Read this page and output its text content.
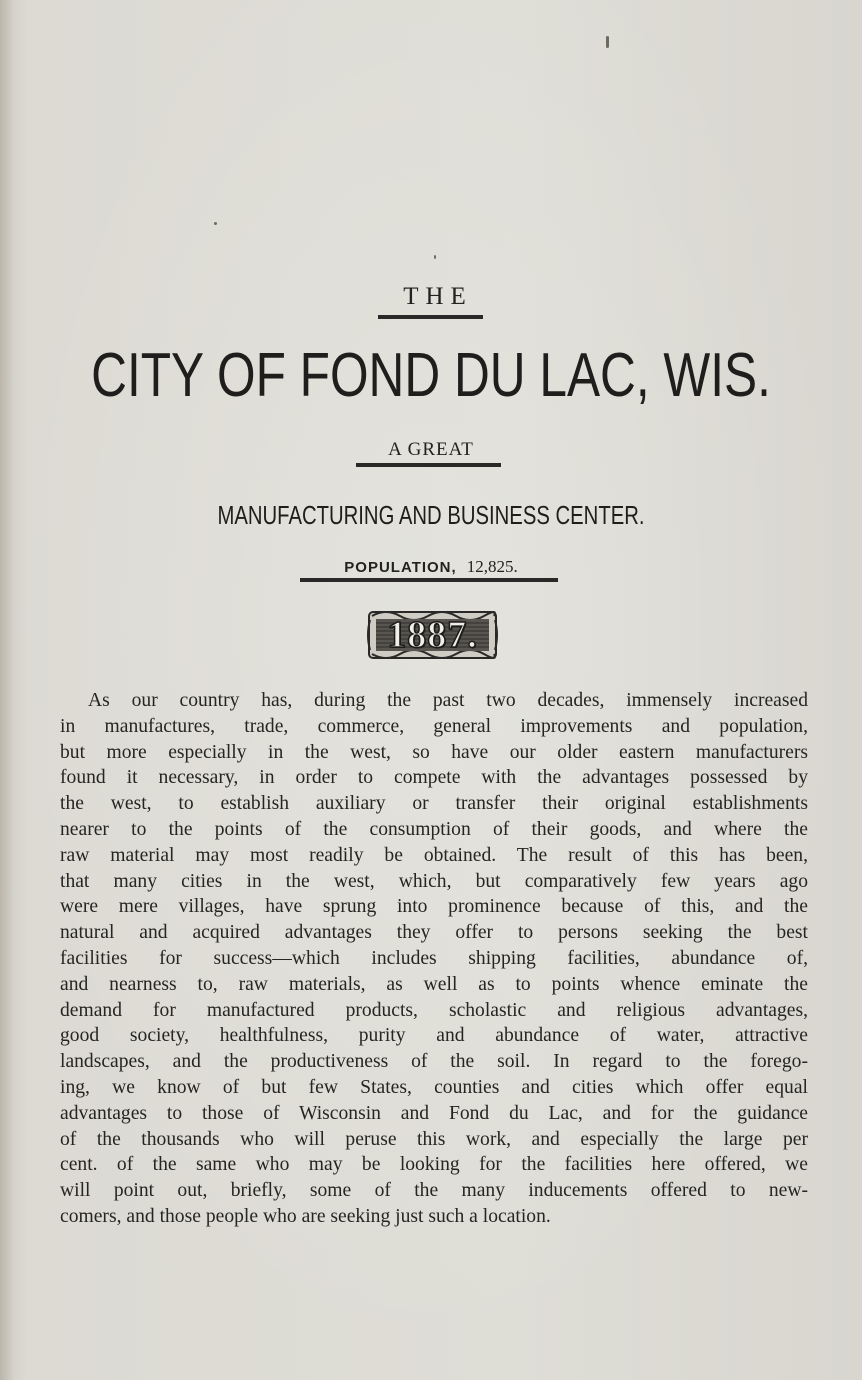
THE
CITY OF FOND DU LAC, WIS.
A GREAT
MANUFACTURING AND BUSINESS CENTER.
POPULATION, 12,825.
1887.
As our country has, during the past two decades, immensely increased
in manufactures, trade, commerce, general improvements and population,
but more especially in the west, so have our older eastern manufacturers
found it necessary, in order to compete with the advantages possessed by
the west, to establish auxiliary or transfer their original establishments
nearer to the points of the consumption of their goods, and where the
raw material may most readily be obtained. The result of this has been,
that many cities in the west, which, but comparatively few years ago
were mere villages, have sprung into prominence because of this, and the
natural and acquired advantages they offer to persons seeking the best
facilities for success—which includes shipping facilities, abundance of,
and nearness to, raw materials, as well as to points whence eminate the
demand for manufactured products, scholastic and religious advantages,
good society, healthfulness, purity and abundance of water, attractive
landscapes, and the productiveness of the soil. In regard to the forego-
ing, we know of but few States, counties and cities which offer equal
advantages to those of Wisconsin and Fond du Lac, and for the guidance
of the thousands who will peruse this work, and especially the large per
cent. of the same who may be looking for the facilities here offered, we
will point out, briefly, some of the many inducements offered to new-
comers, and those people who are seeking just such a location.
